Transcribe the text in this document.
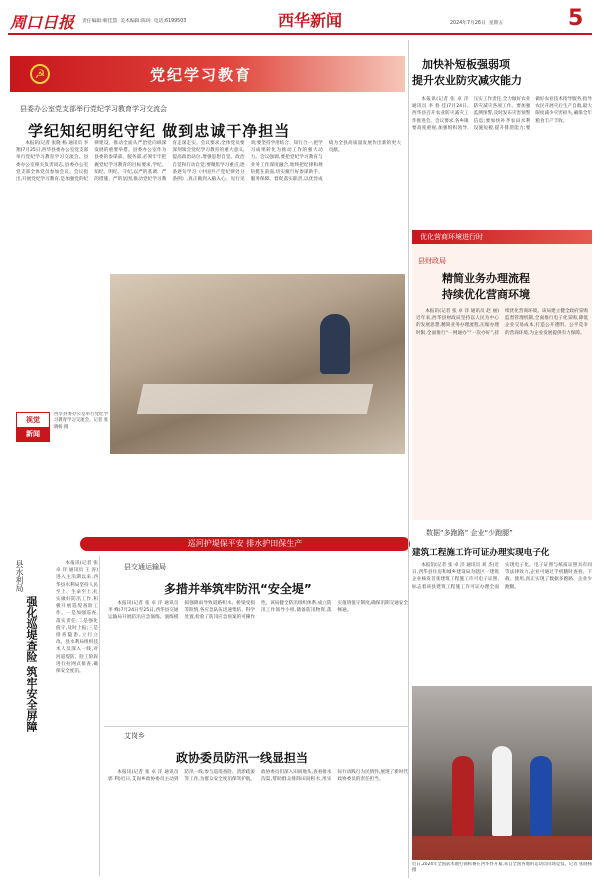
周口日报 责任编辑:朝佳慧 美术编辑:陈珂 电话:6199503	西华新闻	2024年7月26日 星期五	5
☭	党纪学习教育
县委办公室党支部举行党纪学习教育学习交流会
学纪知纪明纪守纪 做到忠诚干净担当

本报讯(记者 张晓 杨 通讯员 李 翔)7月25日,西华县委办公室党支部举行党纪学习教育学习交流会。县委办公室相关负责同志,县委办公室党支部全体党员参加会议。会议指出,开展党纪学习教育,是加强党的纪律建设、推动全面从严治党向纵深发展的重要举措。县委办公室作为县委的参谋部、服务部,必须牢牢把握党纪学习教育的目标要求,学纪、知纪、明纪、守纪,以严的基调、严的措施、严的氛围,推动党纪学习教育走深走实。会议要求,全体党员要深刻领会党纪学习教育的重大意义,提高政治站位,增强思想自觉、政治自觉和行动自觉;要聚焦学习重点,逐条逐句学习《中国共产党纪律处分条例》,真正做到入脑入心、见行见效;要坚持学用结合、知行合一,把学习成果转化为推动工作的强大动力。会议强调,要把党纪学习教育与业务工作深度融合,始终把纪律和规矩挺在前面,切实履行好参谋助手、服务保障、督促落实职责,以优异成绩为全县高质量发展作出新的更大贡献。

视觉
新闻
西华县委办公室举行党纪学习教育学习交流会。记者 张晓杨 摄
巡河护堤保平安 排水护田保生产
县水利局
强化巡堤查险 筑牢安全屏障

本报讯(记者 张 卓 洋 通讯员 王 涛)进入主汛期以来,西华县水利局坚持人民至上、生命至上,扎实做好防汛工作,积极开展巡堤查险工作。一是加强巡查,落实责任;二是强化值守,及时上报;三是排查隐患,立行立改。县水利局组织技术人员深入一线,对河道堤防、险工险段进行拉网式排查,确保安全度汛。

县交通运输局
多措并举筑牢防汛“安全堤”

本报讯(记者 张 卓 洋 通讯员 李 峰)7月24日至25日,西华县交通运输局开展防汛应急演练。演练模拟强降雨导致道路积水、桥梁受损等险情,各应急队伍迅速集结、科学处置,检验了防汛应急预案的可操作性。该局健全防汛组织体系,成立防汛工作领导小组,储备防汛物资,落实值班值守制度,确保汛期交通安全畅通。

艾岗乡
政协委员防汛一线显担当

本报讯(记者 张 卓 洋 通讯员 郭 利)近日,艾岗乡政协委员主动到防汛一线,参与巡堤查险、清淤疏浚等工作,为群众安全度汛保驾护航。政协委员们深入田间地头,查看排水沟渠,帮助群众排除田间积水,用实际行动践行为民情怀,展现了新时代政协委员的责任担当。

加快补短板强弱项
提升农业防灾减灾能力

本报讯(记者 张 卓 洋 通讯员 李 春 佳)7月24日,西华县召开农业防灾减灾工作推进会。会议要求,各乡镇要高度重视,加强组织领导,压实工作责任,全力做好农业防灾减灾各项工作。要加强监测预警,及时发布灾害预警信息;要加快补齐农田水利设施短板,提升排涝能力;要做好农业技术指导服务,指导农民开展灾后生产自救,最大限度减少灾害损失,确保全年粮食丰产丰收。

优化营商环境进行时
县财政局
精简业务办理流程
持续优化营商环境

本报讯(记者 张 卓 洋 通讯员 赵 丽)近年来,西华县财政局坚持以人民为中心的发展思想,精简业务办理流程,压缩办理时限,全面推行“一网通办”“一次办好”,持续优化营商环境。该局建立健全政府采购监督管理机制,全面推行电子化采购,降低企业交易成本,打造公开透明、公平竞争的营商环境,为企业发展提供有力保障。

数据“多跑路” 企业“少跑腿”
建筑工程施工许可证办理实现电子化

本报讯(记者 张 卓 洋 通讯员 刘 杰)近日,西华县住房和城乡建设局为辖区一建筑企业核发首张建筑工程施工许可电子证照,标志着该县建筑工程施工许可证办理全面实现电子化。电子证照与纸质证照具有同等法律效力,企业可通过手机随时查看、下载、使用,真正实现了数据多跑路、企业少跑腿。

近日,2024年全国武术散打锦标赛在西华县开幕,来自全国各地的运动员同场竞技。记者 张晓杨 摄
